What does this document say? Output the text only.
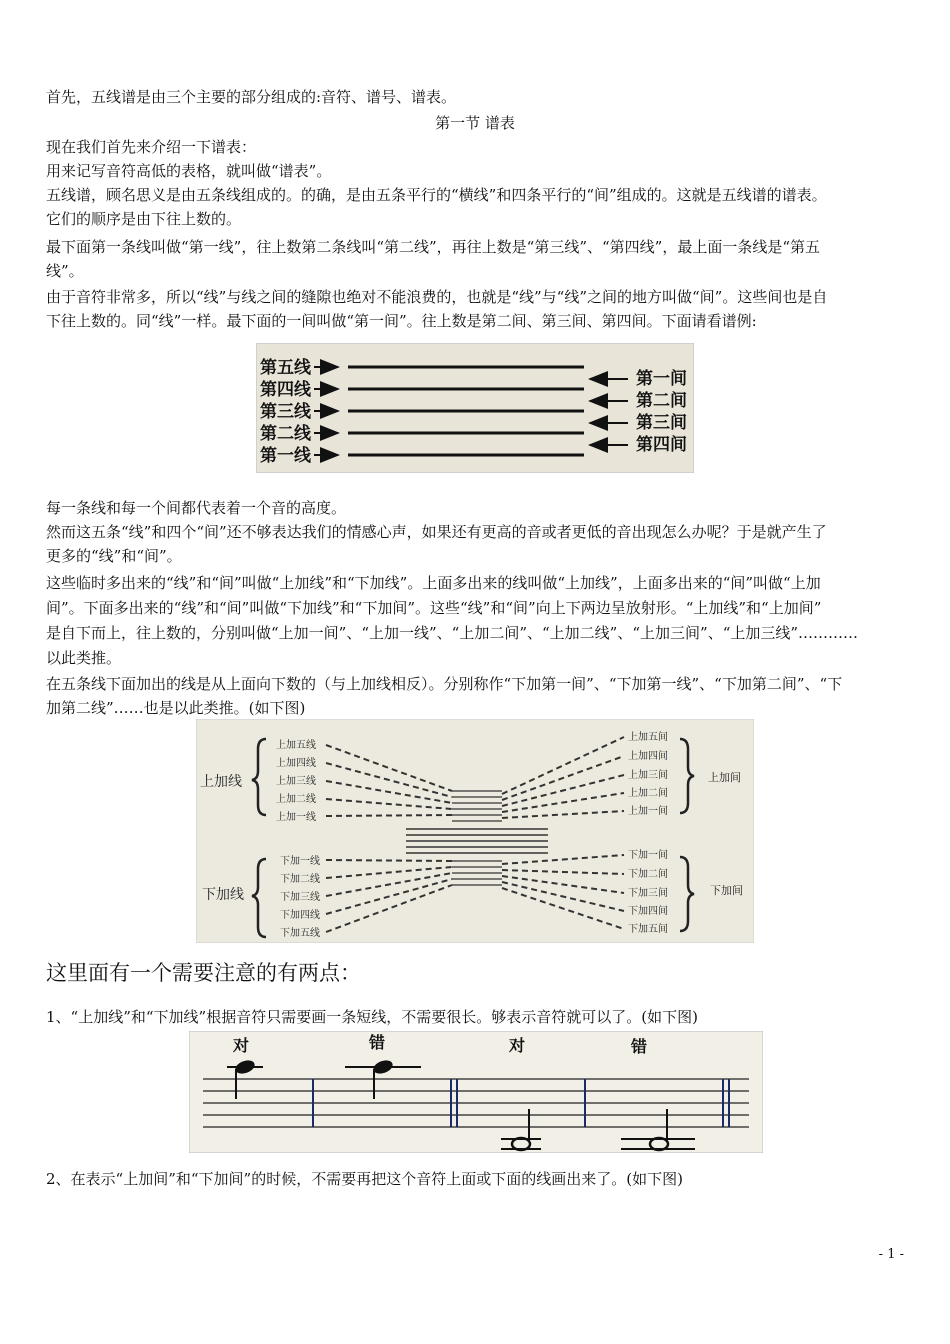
首先，五线谱是由三个主要的部分组成的:音符、谱号、谱表。
第一节 谱表
现在我们首先来介绍一下谱表：
用来记写音符高低的表格，就叫做“谱表”。
五线谱，顾名思义是由五条线组成的。的确，是由五条平行的“横线”和四条平行的“间”组成的。这就是五线谱的谱表。
它们的顺序是由下往上数的。
最下面第一条线叫做“第一线”，往上数第二条线叫“第二线”，再往上数是“第三线”、“第四线”，最上面一条线是“第五
线”。
由于音符非常多，所以“线”与线之间的缝隙也绝对不能浪费的，也就是“线”与“线”之间的地方叫做“间”。这些间也是自
下往上数的。同“线”一样。最下面的一间叫做“第一间”。往上数是第二间、第三间、第四间。下面请看谱例:
第五线
第四线
第三线
第二线
第一线
第一间
第二间
第三间
第四间
每一条线和每一个间都代表着一个音的高度。
然而这五条“线”和四个“间”还不够表达我们的情感心声，如果还有更高的音或者更低的音出现怎么办呢？于是就产生了
更多的“线”和“间”。
这些临时多出来的“线”和“间”叫做“上加线”和“下加线”。上面多出来的线叫做“上加线”，上面多出来的“间”叫做“上加
间”。下面多出来的“线”和“间”叫做“下加线”和“下加间”。这些“线”和“间”向上下两边呈放射形。“上加线”和“上加间”
是自下而上，往上数的，分别叫做“上加一间”、“上加一线”、“上加二间”、“上加二线”、“上加三间”、“上加三线”…………
以此类推。
在五条线下面加出的线是从上面向下数的（与上加线相反）。分别称作“下加第一间”、“下加第一线”、“下加第二间”、“下
加第二线”……也是以此类推。(如下图)
上加线
下加线
上加间
下加间
上加五线
上加四线
上加三线
上加二线
上加一线
上加五间
上加四间
上加三间
上加二间
上加一间
下加一线
下加二线
下加三线
下加四线
下加五线
下加一间
下加二间
下加三间
下加四间
下加五间
这里面有一个需要注意的有两点：
1、“上加线”和“下加线”根据音符只需要画一条短线，不需要很长。够表示音符就可以了。(如下图)
对	错	对	错
2、在表示“上加间”和“下加间”的时候，不需要再把这个音符上面或下面的线画出来了。(如下图)
- 1 -
